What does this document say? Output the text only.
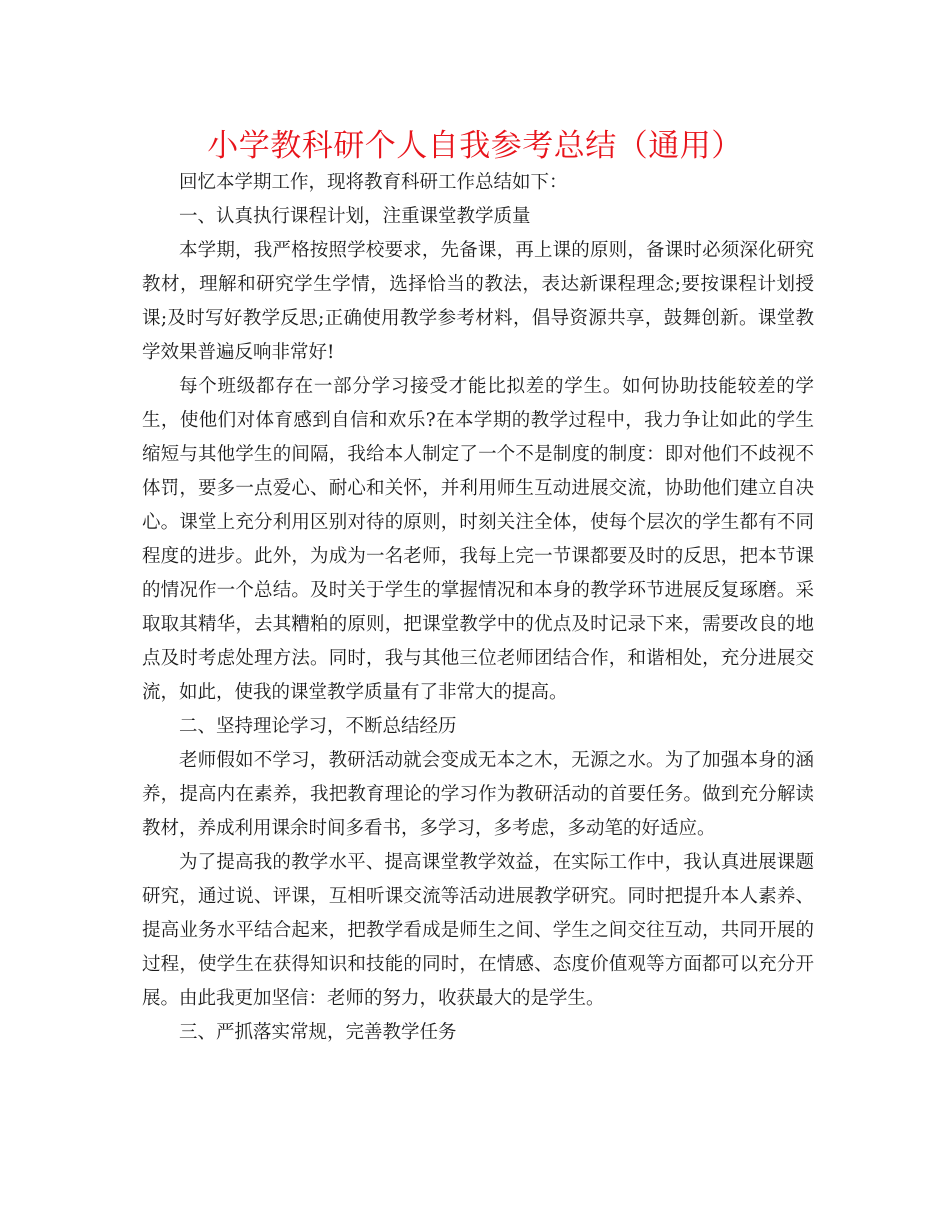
小学教科研个人自我参考总结（通用）

回忆本学期工作，现将教育科研工作总结如下：

一、认真执行课程计划，注重课堂教学质量

本学期，我严格按照学校要求，先备课，再上课的原则，备课时必须深化研究教材，理解和研究学生学情，选择恰当的教法，表达新课程理念;要按课程计划授课;及时写好教学反思;正确使用教学参考材料，倡导资源共享，鼓舞创新。课堂教学效果普遍反响非常好!

每个班级都存在一部分学习接受才能比拟差的学生。如何协助技能较差的学生，使他们对体育感到自信和欢乐?在本学期的教学过程中，我力争让如此的学生缩短与其他学生的间隔，我给本人制定了一个不是制度的制度：即对他们不歧视不体罚，要多一点爱心、耐心和关怀，并利用师生互动进展交流，协助他们建立自决心。课堂上充分利用区别对待的原则，时刻关注全体，使每个层次的学生都有不同程度的进步。此外，为成为一名老师，我每上完一节课都要及时的反思，把本节课的情况作一个总结。及时关于学生的掌握情况和本身的教学环节进展反复琢磨。采取取其精华，去其糟粕的原则，把课堂教学中的优点及时记录下来，需要改良的地点及时考虑处理方法。同时，我与其他三位老师团结合作，和谐相处，充分进展交流，如此，使我的课堂教学质量有了非常大的提高。

二、坚持理论学习，不断总结经历

老师假如不学习，教研活动就会变成无本之木，无源之水。为了加强本身的涵养，提高内在素养，我把教育理论的学习作为教研活动的首要任务。做到充分解读教材，养成利用课余时间多看书，多学习，多考虑，多动笔的好适应。

为了提高我的教学水平、提高课堂教学效益，在实际工作中，我认真进展课题研究，通过说、评课，互相听课交流等活动进展教学研究。同时把提升本人素养、提高业务水平结合起来，把教学看成是师生之间、学生之间交往互动，共同开展的过程，使学生在获得知识和技能的同时，在情感、态度价值观等方面都可以充分开展。由此我更加坚信：老师的努力，收获最大的是学生。

三、严抓落实常规，完善教学任务
